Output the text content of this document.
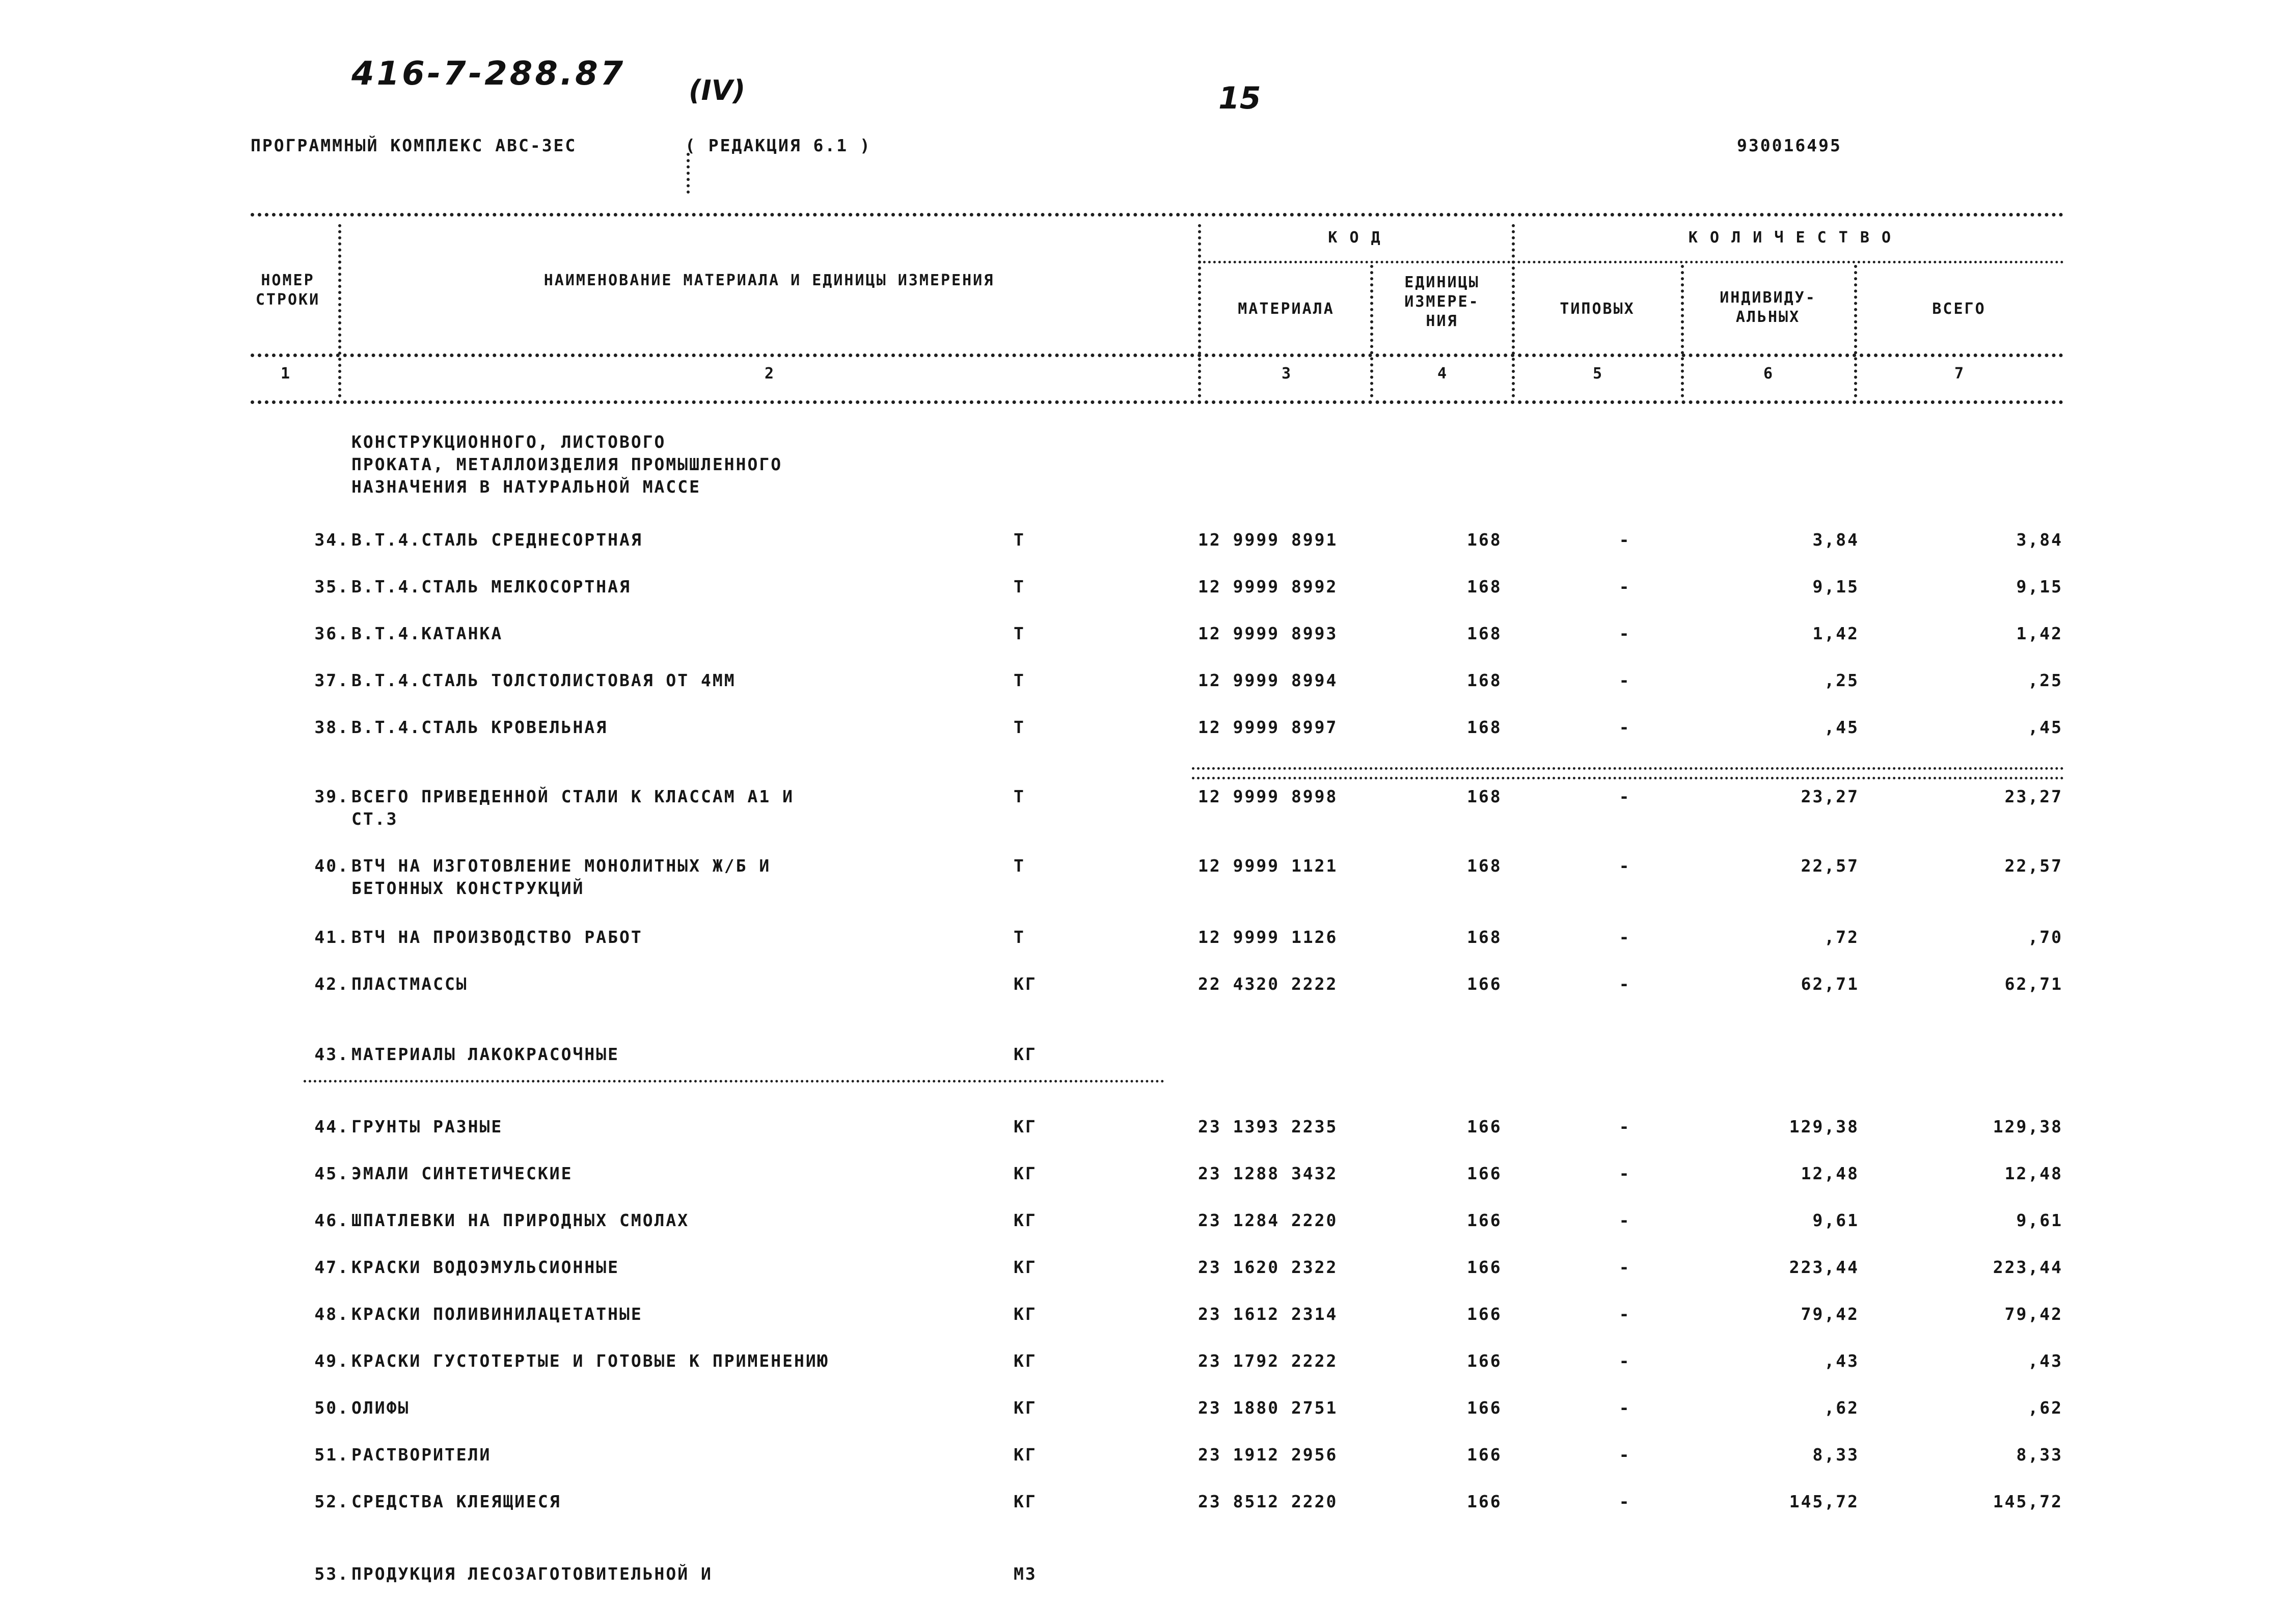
416-7-288.87 (IV)	15
ПРОГРАММНЫЙ КОМПЛЕКС АВС-3ЕС	( РЕДАКЦИЯ 6.1 )	930016495
НОМЕР
СТРОКИ
НАИМЕНОВАНИЕ МАТЕРИАЛА И ЕДИНИЦЫ ИЗМЕРЕНИЯ
К О Д	К О Л И Ч Е С Т В О
МАТЕРИАЛА
ЕДИНИЦЫ
ИЗМЕРЕ-
НИЯ
ТИПОВЫХ
ИНДИВИДУ-
АЛЬНЫХ	ВСЕГО
1	2	3	4	5	6	7
КОНСТРУКЦИОННОГО, ЛИСТОВОГО
ПРОКАТА, МЕТАЛЛОИЗДЕЛИЯ ПРОМЫШЛЕННОГО
НАЗНАЧЕНИЯ В НАТУРАЛЬНОЙ МАССЕ
34. В.Т.4.СТАЛЬ СРЕДНЕСОРТНАЯ	Т	12 9999 8991	168	-	3,84	3,84
35. В.Т.4.СТАЛЬ МЕЛКОСОРТНАЯ	Т	12 9999 8992	168	-	9,15	9,15
36. В.Т.4.КАТАНКА	Т	12 9999 8993	168	-	1,42	1,42
37. В.Т.4.СТАЛЬ ТОЛСТОЛИСТОВАЯ ОТ 4ММ	Т	12 9999 8994	168	-	,25	,25
38. В.Т.4.СТАЛЬ КРОВЕЛЬНАЯ	Т	12 9999 8997	168	-	,45	,45
39. ВСЕГО ПРИВЕДЕННОЙ СТАЛИ К КЛАССАМ А1 И
СТ.3
Т	12 9999 8998	168	-	23,27	23,27
40. ВТЧ НА ИЗГОТОВЛЕНИЕ МОНОЛИТНЫХ Ж/Б И
БЕТОННЫХ КОНСТРУКЦИЙ
Т	12 9999 1121	168	-	22,57	22,57
41. ВТЧ НА ПРОИЗВОДСТВО РАБОТ	Т	12 9999 1126	168	-	,72	,70
42. ПЛАСТМАССЫ	КГ	22 4320 2222	166	-	62,71	62,71
43. МАТЕРИАЛЫ ЛАКОКРАСОЧНЫЕ	КГ
44. ГРУНТЫ РАЗНЫЕ	КГ	23 1393 2235	166	-	129,38	129,38
45. ЭМАЛИ СИНТЕТИЧЕСКИЕ	КГ	23 1288 3432	166	-	12,48	12,48
46. ШПАТЛЕВКИ НА ПРИРОДНЫХ СМОЛАХ	КГ	23 1284 2220	166	-	9,61	9,61
47. КРАСКИ ВОДОЭМУЛЬСИОННЫЕ	КГ	23 1620 2322	166	-	223,44	223,44
48. КРАСКИ ПОЛИВИНИЛАЦЕТАТНЫЕ	КГ	23 1612 2314	166	-	79,42	79,42
49. КРАСКИ ГУСТОТЕРТЫЕ И ГОТОВЫЕ К ПРИМЕНЕНИЮ	КГ	23 1792 2222	166	-	,43	,43
50. ОЛИФЫ	КГ	23 1880 2751	166	-	,62	,62
51. РАСТВОРИТЕЛИ	КГ	23 1912 2956	166	-	8,33	8,33
52. СРЕДСТВА КЛЕЯЩИЕСЯ	КГ	23 8512 2220	166	-	145,72	145,72
53. ПРОДУКЦИЯ ЛЕСОЗАГОТОВИТЕЛЬНОЙ И	М3
